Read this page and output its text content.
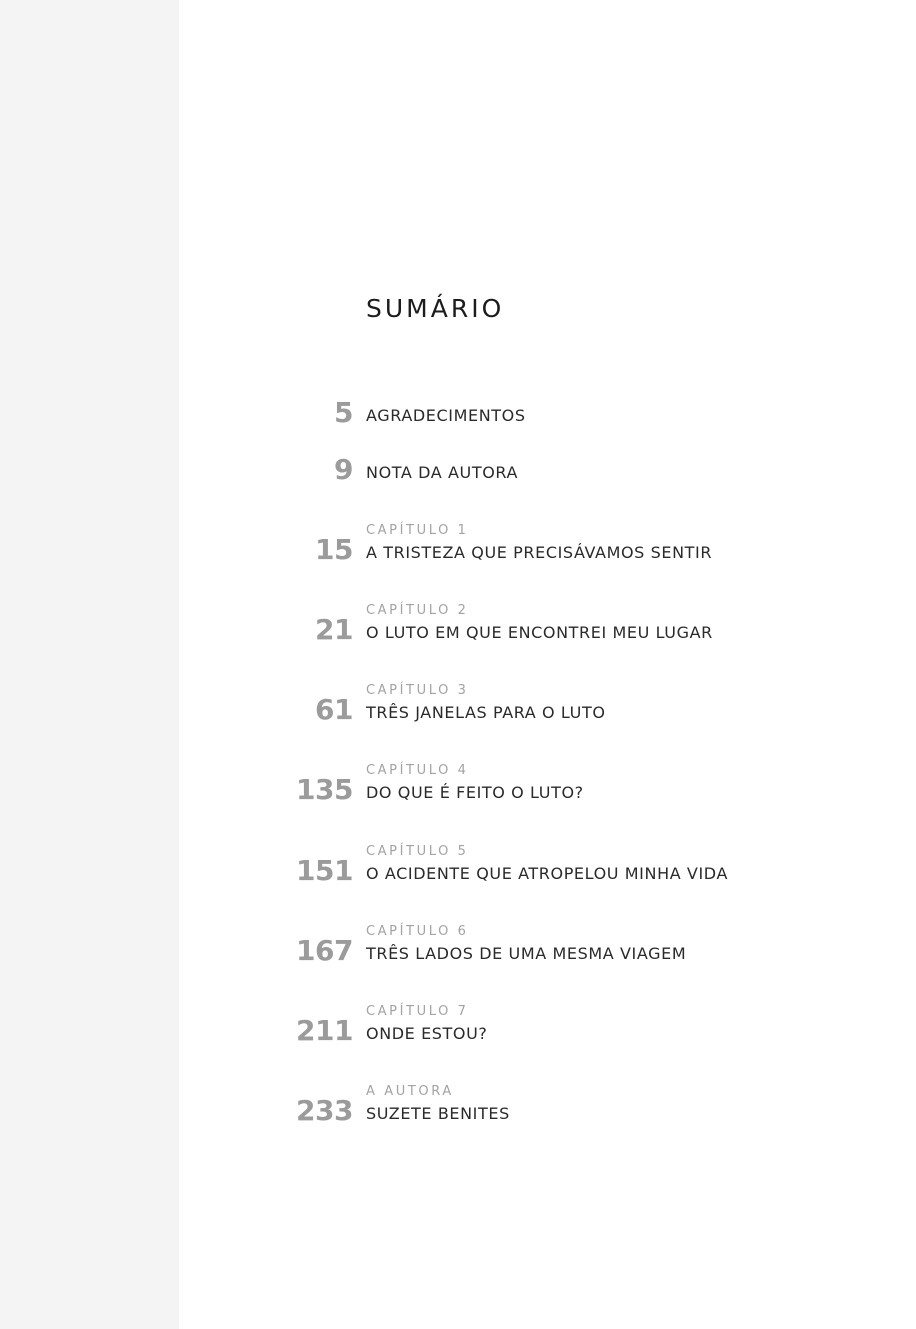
SUMÁRIO
5 AGRADECIMENTOS
9 NOTA DA AUTORA
CAPÍTULO 1
15 A TRISTEZA QUE PRECISÁVAMOS SENTIR
CAPÍTULO 2
21 O LUTO EM QUE ENCONTREI MEU LUGAR
CAPÍTULO 3
61 TRÊS JANELAS PARA O LUTO
CAPÍTULO 4
135 DO QUE É FEITO O LUTO?
CAPÍTULO 5
151 O ACIDENTE QUE ATROPELOU MINHA VIDA
CAPÍTULO 6
167 TRÊS LADOS DE UMA MESMA VIAGEM
CAPÍTULO 7
211 ONDE ESTOU?
A AUTORA
233 SUZETE BENITES
